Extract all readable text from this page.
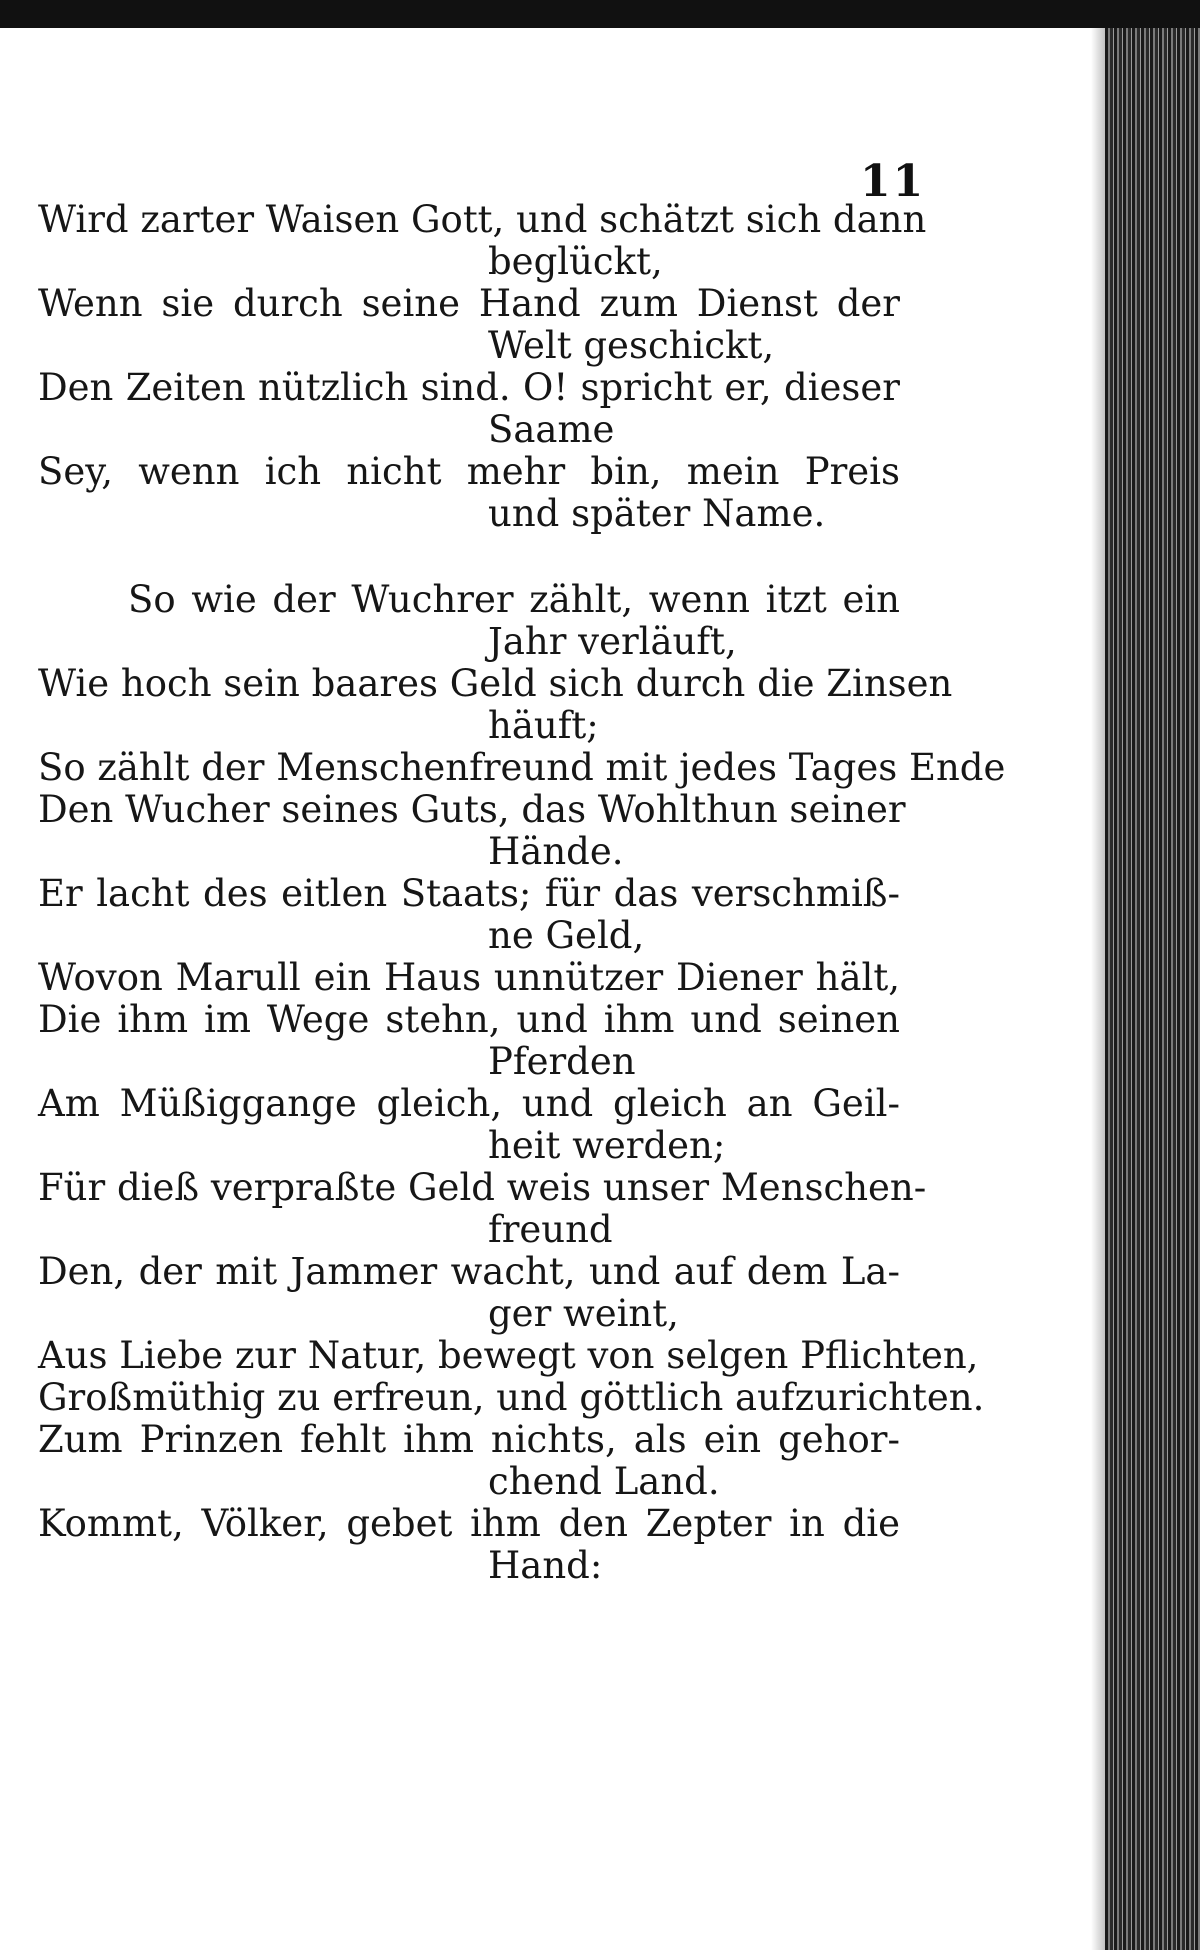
11
Wird zarter Waisen Gott, und schätzt sich dann
beglückt,
Wenn sie durch seine Hand zum Dienst der
Welt geschickt,
Den Zeiten nützlich sind. O! spricht er, dieser
Saame
Sey, wenn ich nicht mehr bin, mein Preis
und später Name.
So wie der Wuchrer zählt, wenn itzt ein
Jahr verläuft,
Wie hoch sein baares Geld sich durch die Zinsen
häuft;
So zählt der Menschenfreund mit jedes Tages Ende
Den Wucher seines Guts, das Wohlthun seiner
Hände.
Er lacht des eitlen Staats; für das verschmiß-
ne Geld,
Wovon Marull ein Haus unnützer Diener hält,
Die ihm im Wege stehn, und ihm und seinen
Pferden
Am Müßiggange gleich, und gleich an Geil-
heit werden;
Für dieß verpraßte Geld weis unser Menschen-
freund
Den, der mit Jammer wacht, und auf dem La-
ger weint,
Aus Liebe zur Natur, bewegt von selgen Pflichten,
Großmüthig zu erfreun, und göttlich aufzurichten.
Zum Prinzen fehlt ihm nichts, als ein gehor-
chend Land.
Kommt, Völker, gebet ihm den Zepter in die
Hand:
